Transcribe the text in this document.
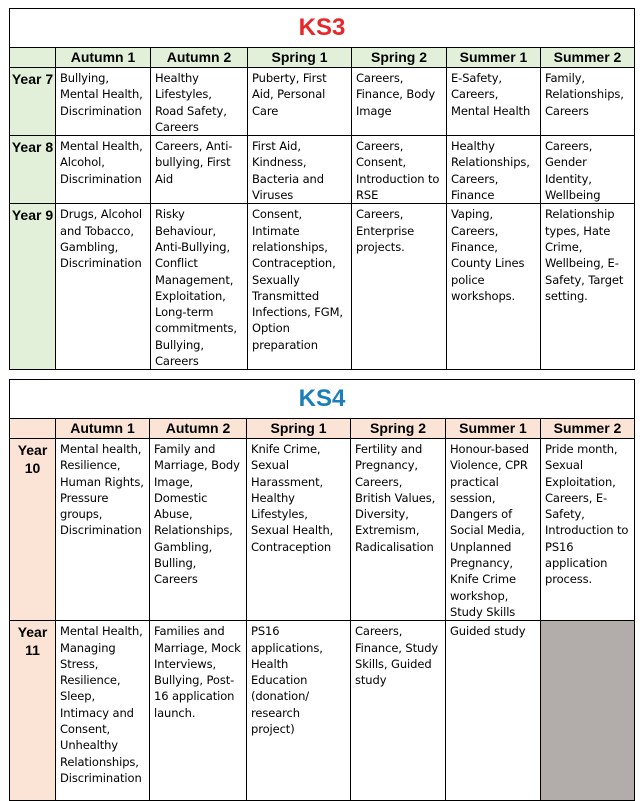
KS3						
	Autumn 1	Autumn 2	Spring 1	Spring 2	Summer 1	Summer 2
Year 7	Bullying, Mental Health, Discrimination	Healthy Lifestyles, Road Safety, Careers	Puberty, First Aid, Personal Care	Careers, Finance, Body Image	E-Safety, Careers, Mental Health	Family, Relationships, Careers
Year 8	Mental Health, Alcohol, Discrimination	Careers, Anti-bullying, First Aid	First Aid, Kindness, Bacteria and Viruses	Careers, Consent, Introduction to RSE	Healthy Relationships, Careers, Finance	Careers, Gender Identity, Wellbeing
Year 9	Drugs, Alcohol and Tobacco, Gambling, Discrimination	Risky Behaviour, Anti-Bullying, Conflict Management, Exploitation, Long-term commitments, Bullying, Careers	Consent, Intimate relationships, Contraception, Sexually Transmitted Infections, FGM, Option preparation	Careers, Enterprise projects.	Vaping, Careers, Finance, County Lines police workshops.	Relationship types, Hate Crime, Wellbeing, E-Safety, Target setting.
KS4						
	Autumn 1	Autumn 2	Spring 1	Spring 2	Summer 1	Summer 2
Year 10	Mental health, Resilience, Human Rights, Pressure groups, Discrimination	Family and Marriage, Body Image, Domestic Abuse, Relationships, Gambling, Bulling, Careers	Knife Crime, Sexual Harassment, Healthy Lifestyles, Sexual Health, Contraception	Fertility and Pregnancy, Careers, British Values, Diversity, Extremism, Radicalisation	Honour-based Violence, CPR practical session, Dangers of Social Media, Unplanned Pregnancy, Knife Crime workshop, Study Skills	Pride month, Sexual Exploitation, Careers, E-Safety, Introduction to PS16 application process.
Year 11	Mental Health, Managing Stress, Resilience, Sleep, Intimacy and Consent, Unhealthy Relationships, Discrimination	Families and Marriage, Mock Interviews, Bullying, Post-16 application launch.	PS16 applications, Health Education (donation/ research project)	Careers, Finance, Study Skills, Guided study	Guided study	
